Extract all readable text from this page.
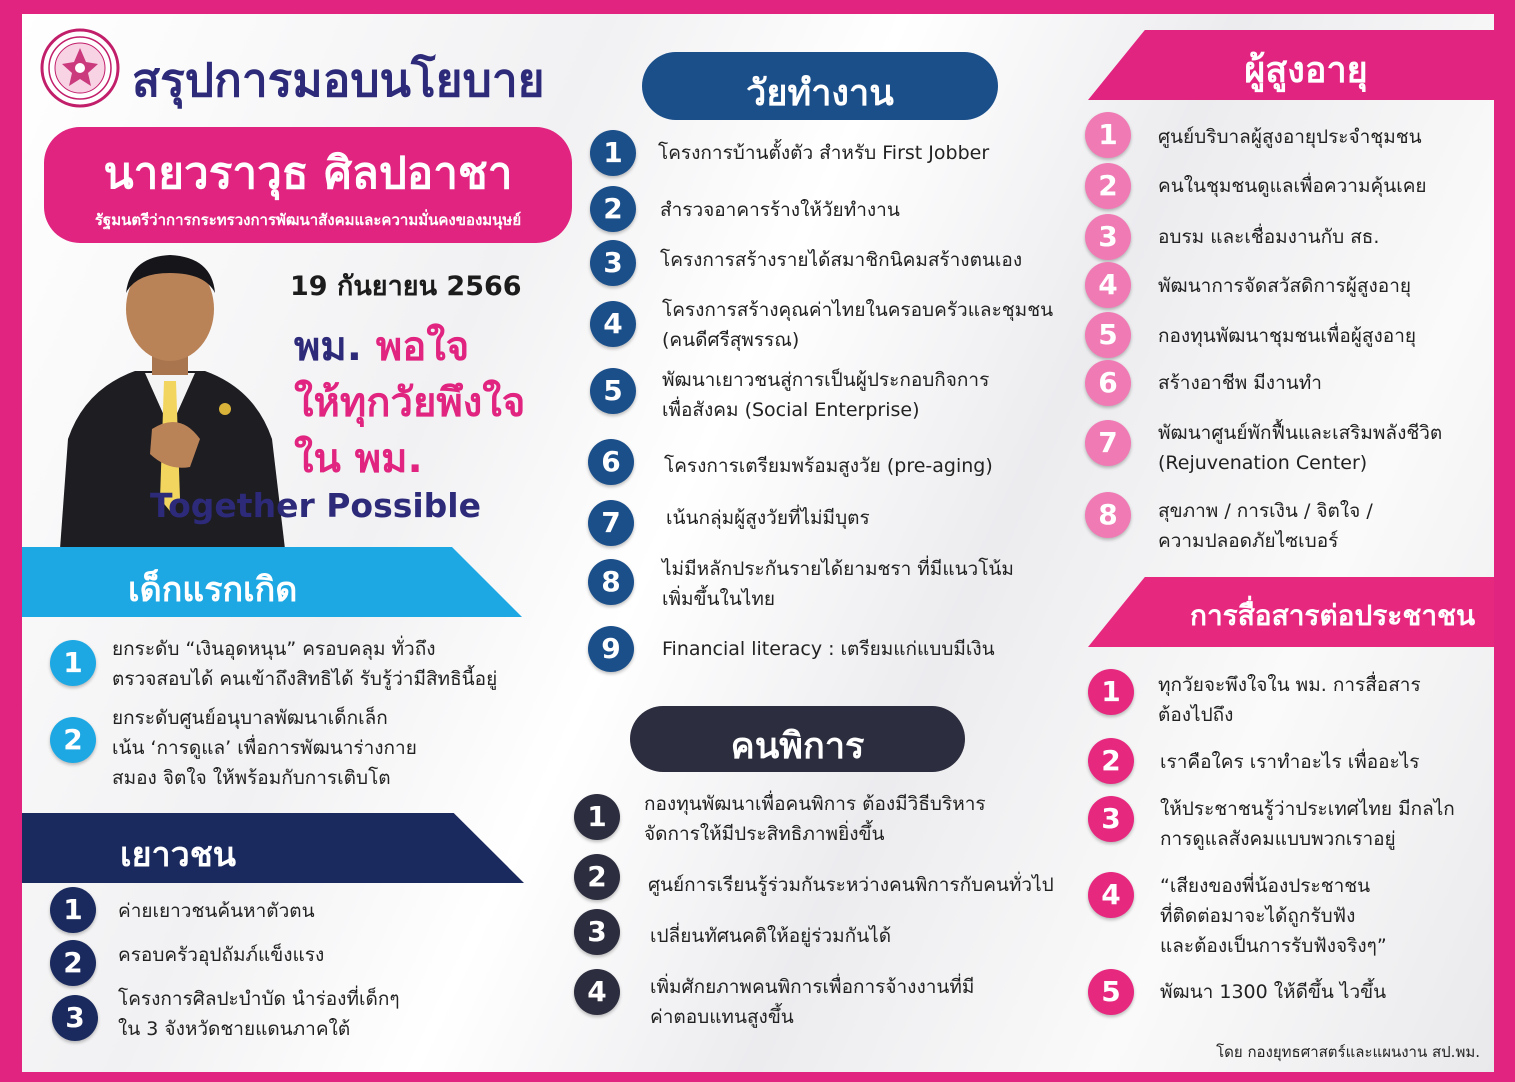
สรุปการมอบนโยบาย
นายวราวุธ ศิลปอาชา
รัฐมนตรีว่าการกระทรวงการพัฒนาสังคมและความมั่นคงของมนุษย์
19 กันยายน 2566
พม. พอใจ
ให้ทุกวัยพึงใจ
ใน พม.
Together Possible
เด็กแรกเกิด
1	ยกระดับ “เงินอุดหนุน” ครอบคลุม ทั่วถึง
ตรวจสอบได้ คนเข้าถึงสิทธิได้ รับรู้ว่ามีสิทธินี้อยู่
2
ยกระดับศูนย์อนุบาลพัฒนาเด็กเล็ก
เน้น ‘การดูแล’ เพื่อการพัฒนาร่างกาย
สมอง จิตใจ ให้พร้อมกับการเติบโต
เยาวชน
1	ค่ายเยาวชนค้นหาตัวตน
2	ครอบครัวอุปถัมภ์แข็งแรง
3
โครงการศิลปะบำบัด นำร่องที่เด็กๆ
ใน 3 จังหวัดชายแดนภาคใต้
วัยทำงาน
1	โครงการบ้านตั้งตัว สำหรับ First Jobber
2	สำรวจอาคารร้างให้วัยทำงาน
3	โครงการสร้างรายได้สมาชิกนิคมสร้างตนเอง
4	โครงการสร้างคุณค่าไทยในครอบครัวและชุมชน
(คนดีศรีสุพรรณ)
5	พัฒนาเยาวชนสู่การเป็นผู้ประกอบกิจการ
เพื่อสังคม (Social Enterprise)
6	โครงการเตรียมพร้อมสูงวัย (pre-aging)
7	เน้นกลุ่มผู้สูงวัยที่ไม่มีบุตร
8	ไม่มีหลักประกันรายได้ยามชรา ที่มีแนวโน้ม
เพิ่มขึ้นในไทย
9	Financial literacy : เตรียมแก่แบบมีเงิน
คนพิการ
1	กองทุนพัฒนาเพื่อคนพิการ ต้องมีวิธีบริหาร
จัดการให้มีประสิทธิภาพยิ่งขึ้น
2	ศูนย์การเรียนรู้ร่วมกันระหว่างคนพิการกับคนทั่วไป
3	เปลี่ยนทัศนคติให้อยู่ร่วมกันได้
4	เพิ่มศักยภาพคนพิการเพื่อการจ้างงานที่มี
ค่าตอบแทนสูงขึ้น
ผู้สูงอายุ
1	ศูนย์บริบาลผู้สูงอายุประจำชุมชน
2	คนในชุมชนดูแลเพื่อความคุ้นเคย
3	อบรม และเชื่อมงานกับ สธ.
4	พัฒนาการจัดสวัสดิการผู้สูงอายุ
5	กองทุนพัฒนาชุมชนเพื่อผู้สูงอายุ
6	สร้างอาชีพ มีงานทำ
7	พัฒนาศูนย์พักฟื้นและเสริมพลังชีวิต
(Rejuvenation Center)
8	สุขภาพ / การเงิน / จิตใจ /
ความปลอดภัยไซเบอร์
การสื่อสารต่อประชาชน
1	ทุกวัยจะพึงใจใน พม. การสื่อสาร
ต้องไปถึง
2	เราคือใคร เราทำอะไร เพื่ออะไร
3	ให้ประชาชนรู้ว่าประเทศไทย มีกลไก
การดูแลสังคมแบบพวกเราอยู่
4	“เสียงของพี่น้องประชาชน
ที่ติดต่อมาจะได้ถูกรับฟัง
และต้องเป็นการรับฟังจริงๆ”
5	พัฒนา 1300 ให้ดีขึ้น ไวขึ้น
โดย กองยุทธศาสตร์และแผนงาน สป.พม.
